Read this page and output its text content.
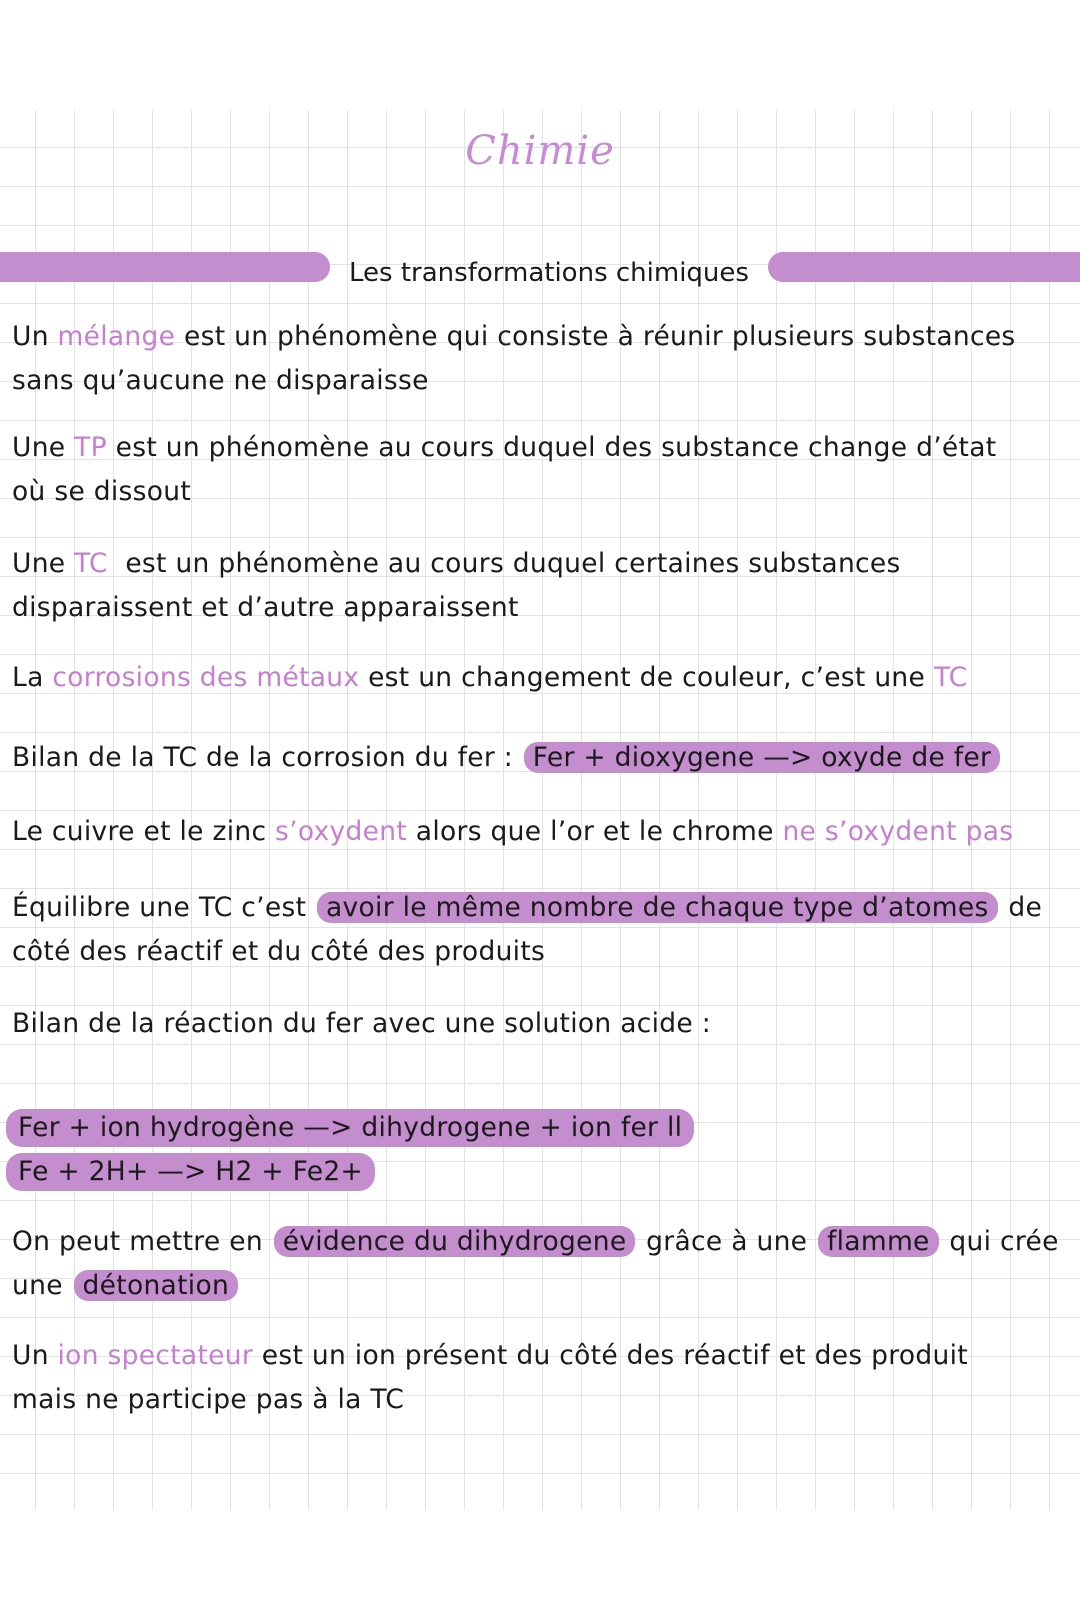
Chimie
Les transformations chimiques
Un mélange est un phénomène qui consiste à réunir plusieurs substances
sans qu’aucune ne disparaisse
Une TP est un phénomène au cours duquel des substance change d’état
où se dissout
Une TC  est un phénomène au cours duquel certaines substances
disparaissent et d’autre apparaissent
La corrosions des métaux est un changement de couleur, c’est une TC
Bilan de la TC de la corrosion du fer : Fer + dioxygene —> oxyde de fer
Le cuivre et le zinc s’oxydent alors que l’or et le chrome ne s’oxydent pas
Équilibre une TC c’est avoir le même nombre de chaque type d’atomes de
côté des réactif et du côté des produits
Bilan de la réaction du fer avec une solution acide :
Fer + ion hydrogène —> dihydrogene + ion fer ll
Fe + 2H+ —> H2 + Fe2+
On peut mettre en évidence du dihydrogene grâce à une flamme qui crée
une détonation
Un ion spectateur est un ion présent du côté des réactif et des produit
mais ne participe pas à la TC
